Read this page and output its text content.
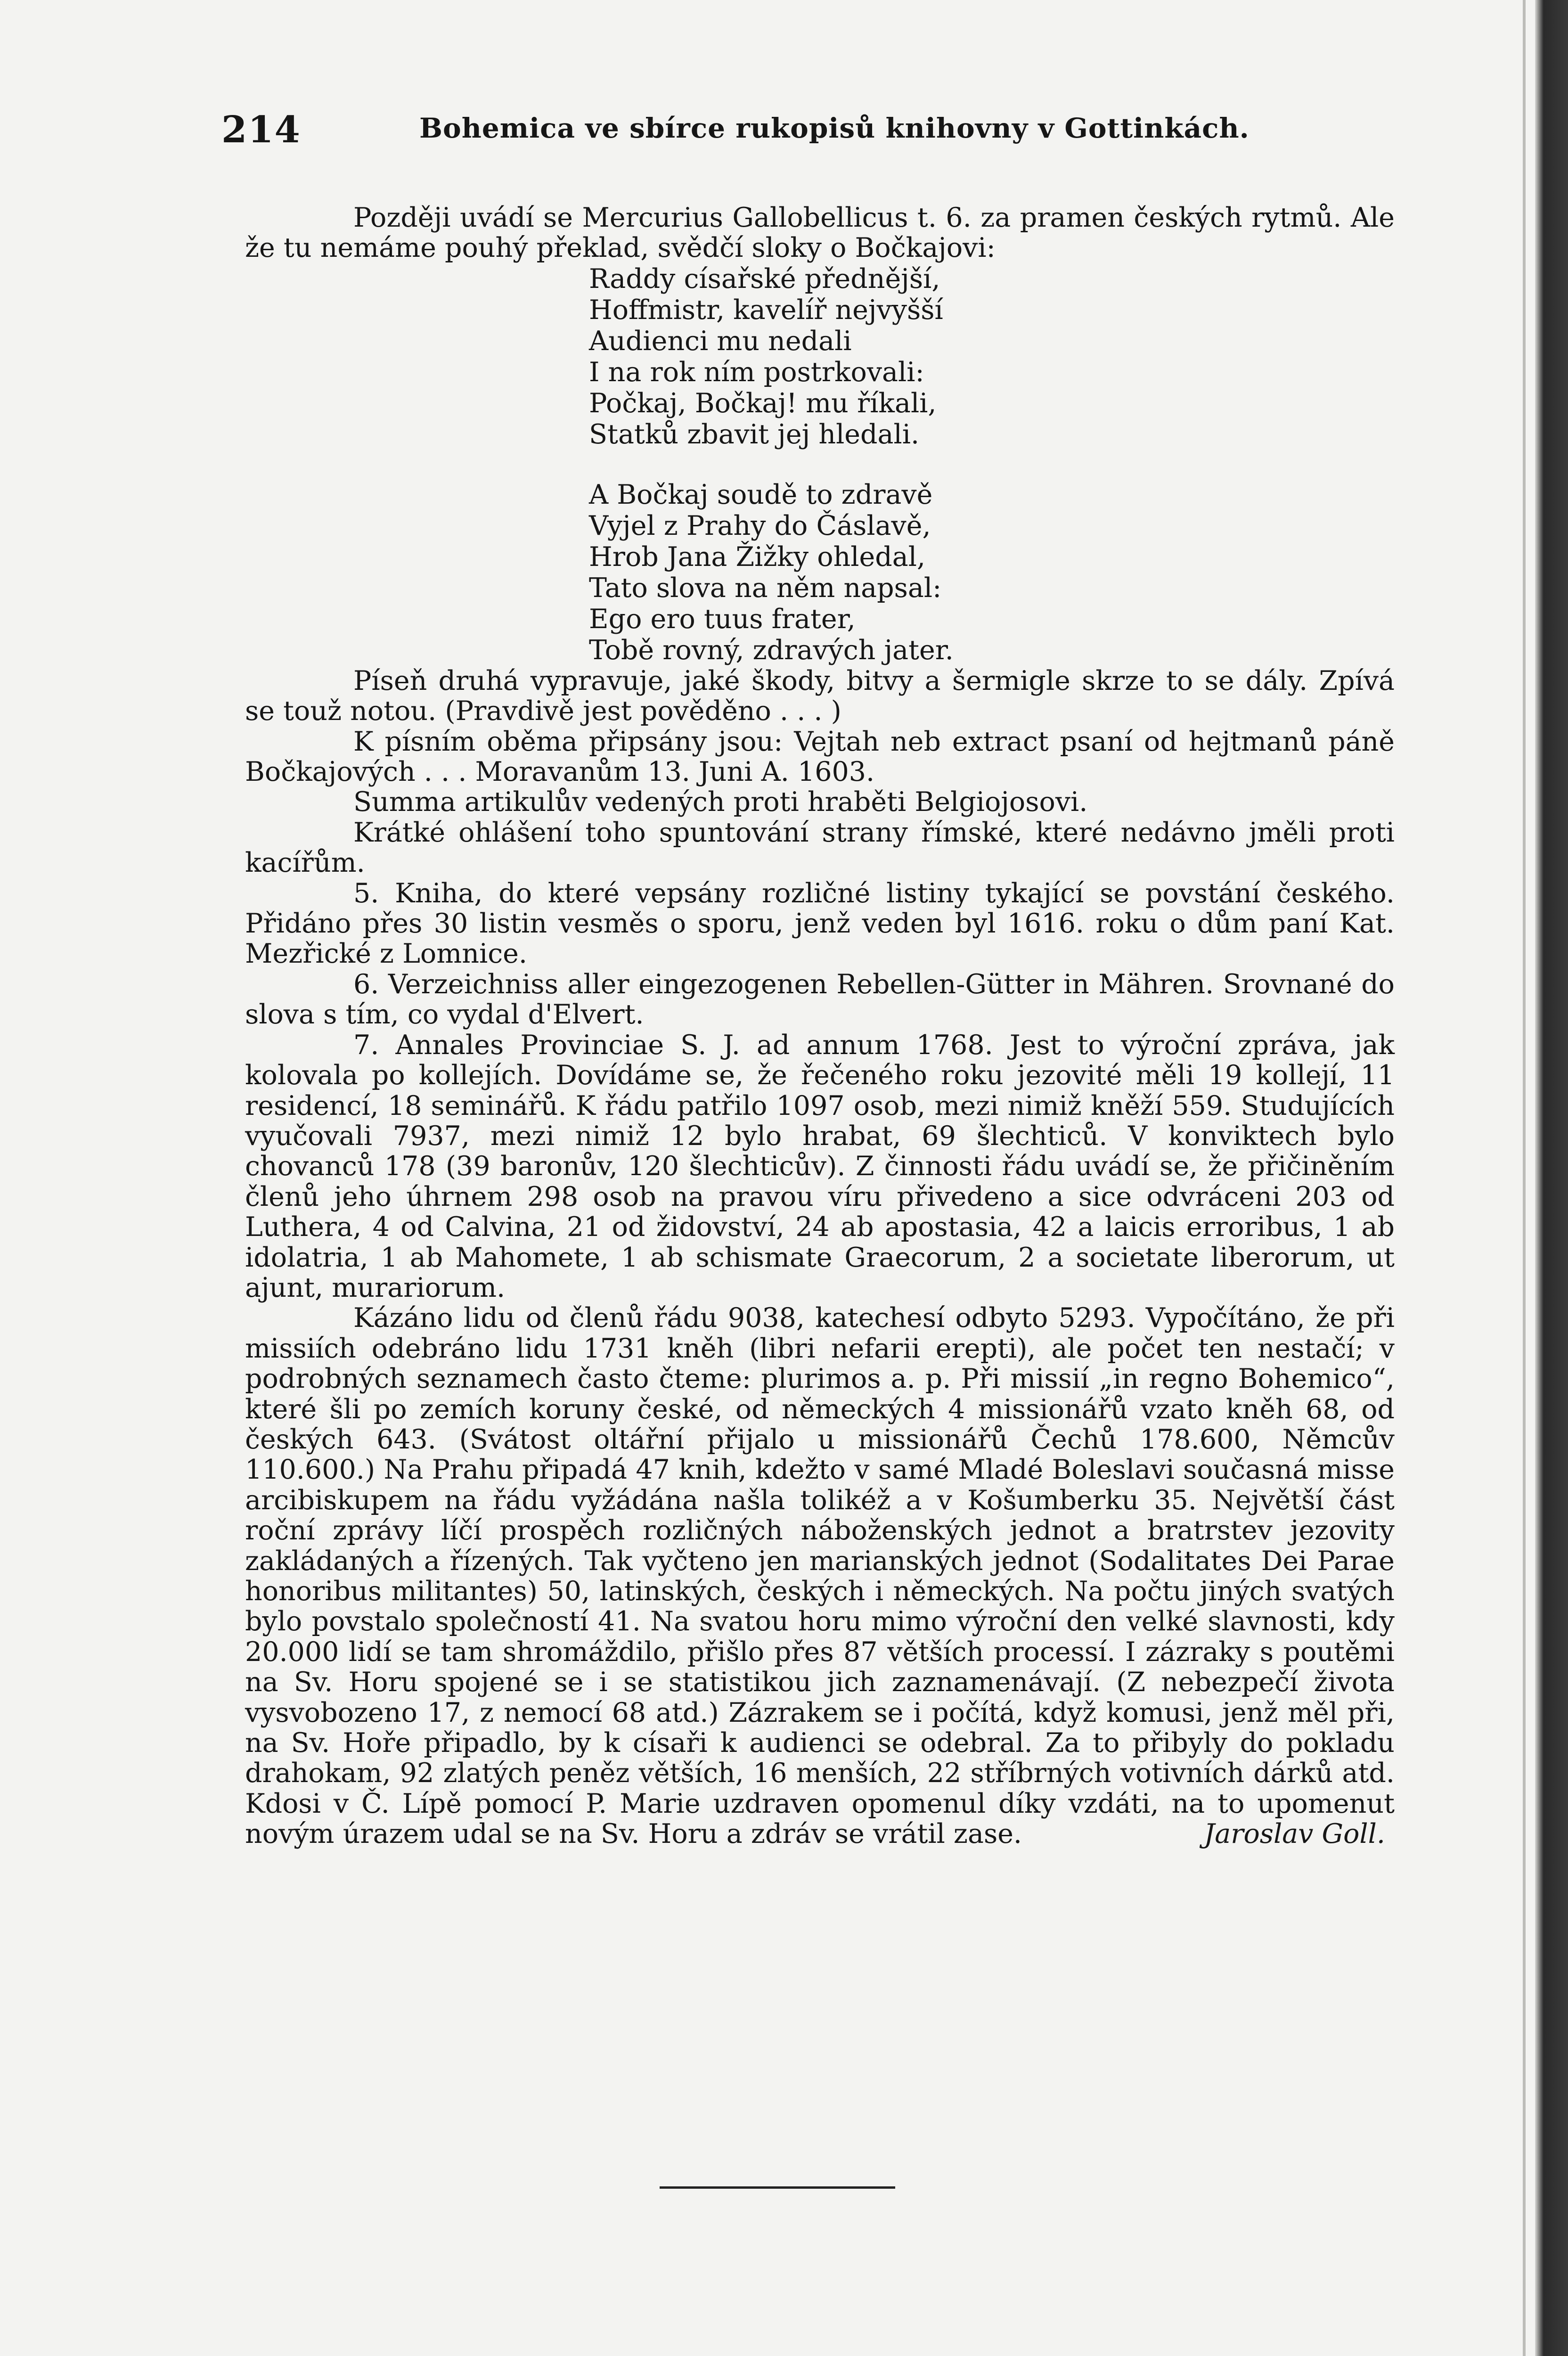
214	Bohemica ve sbírce rukopisů knihovny v Gottinkách.

Později uvádí se Mercurius Gallobellicus t. 6. za pramen českých rytmů. Ale že tu nemáme pouhý překlad, svědčí sloky o Bočkajovi:

Raddy císařské přednější,
Hoffmistr, kavelíř nejvyšší
Audienci mu nedali
I na rok ním postrkovali:
Počkaj, Bočkaj! mu říkali,
Statků zbavit jej hledali.
A Bočkaj soudě to zdravě
Vyjel z Prahy do Čáslavě,
Hrob Jana Žižky ohledal,
Tato slova na něm napsal:
Ego ero tuus frater,
Tobě rovný, zdravých jater.

Píseň druhá vypravuje, jaké škody, bitvy a šermigle skrze to se dály. Zpívá se touž notou. (Pravdivě jest pověděno . . . )

K písním oběma připsány jsou: Vejtah neb extract psaní od hejtmanů páně Bočkajových . . . Moravanům 13. Juni A. 1603.

Summa artikulův vedených proti hraběti Belgiojosovi.

Krátké ohlášení toho spuntování strany římské, které nedávno jměli proti kacířům.

5. Kniha, do které vepsány rozličné listiny tykající se povstání českého. Přidáno přes 30 listin vesměs o sporu, jenž veden byl 1616. roku o dům paní Kat. Mezřické z Lomnice.

6. Verzeichniss aller eingezogenen Rebellen-Gütter in Mähren. Srovnané do slova s tím, co vydal d'Elvert.

7. Annales Provinciae S. J. ad annum 1768. Jest to výroční zpráva, jak kolovala po kollejích. Dovídáme se, že řečeného roku jezovité měli 19 kollejí, 11 residencí, 18 seminářů. K řádu patřilo 1097 osob, mezi nimiž kněží 559. Studujících vyučovali 7937, mezi nimiž 12 bylo hrabat, 69 šlechticů. V konviktech bylo chovanců 178 (39 baronův, 120 šlechticův). Z činnosti řádu uvádí se, že přičiněním členů jeho úhrnem 298 osob na pravou víru přivedeno a sice odvráceni 203 od Luthera, 4 od Calvina, 21 od židovství, 24 ab apostasia, 42 a laicis erroribus, 1 ab idolatria, 1 ab Mahomete, 1 ab schismate Graecorum, 2 a societate liberorum, ut ajunt, murariorum.

Kázáno lidu od členů řádu 9038, katechesí odbyto 5293. Vypočítáno, že při missiích odebráno lidu 1731 kněh (libri nefarii erepti), ale počet ten nestačí; v podrobných seznamech často čteme: plurimos a. p. Při missií „in regno Bohemico“, které šli po zemích koruny české, od německých 4 missionářů vzato kněh 68, od českých 643. (Svátost oltářní přijalo u missionářů Čechů 178.600, Němcův 110.600.) Na Prahu připadá 47 knih, kdežto v samé Mladé Boleslavi současná misse arcibiskupem na řádu vyžádána našla tolikéž a v Košumberku 35. Největší část roční zprávy líčí prospěch rozličných náboženských jednot a bratrstev jezovity zakládaných a řízených. Tak vyčteno jen marianských jednot (Sodalitates Dei Parae honoribus militantes) 50, latinských, českých i německých. Na počtu jiných svatých bylo povstalo společností 41. Na svatou horu mimo výroční den velké slavnosti, kdy 20.000 lidí se tam shromáždilo, přišlo přes 87 větších processí. I zázraky s poutěmi na Sv. Horu spojené se i se statistikou jich zaznamenávají. (Z nebezpečí života vysvobozeno 17, z nemocí 68 atd.) Zázrakem se i počítá, když komusi, jenž měl při, na Sv. Hoře připadlo, by k císaři k audienci se odebral. Za to přibyly do pokladu drahokam, 92 zlatých peněz větších, 16 menších, 22 stříbrných votivních dárků atd. Kdosi v Č. Lípě pomocí P. Marie uzdraven opomenul díky vzdáti, na to upomenut novým úrazem udal se na Sv. Horu a zdráv se vrátil zase.	Jaroslav Goll.
